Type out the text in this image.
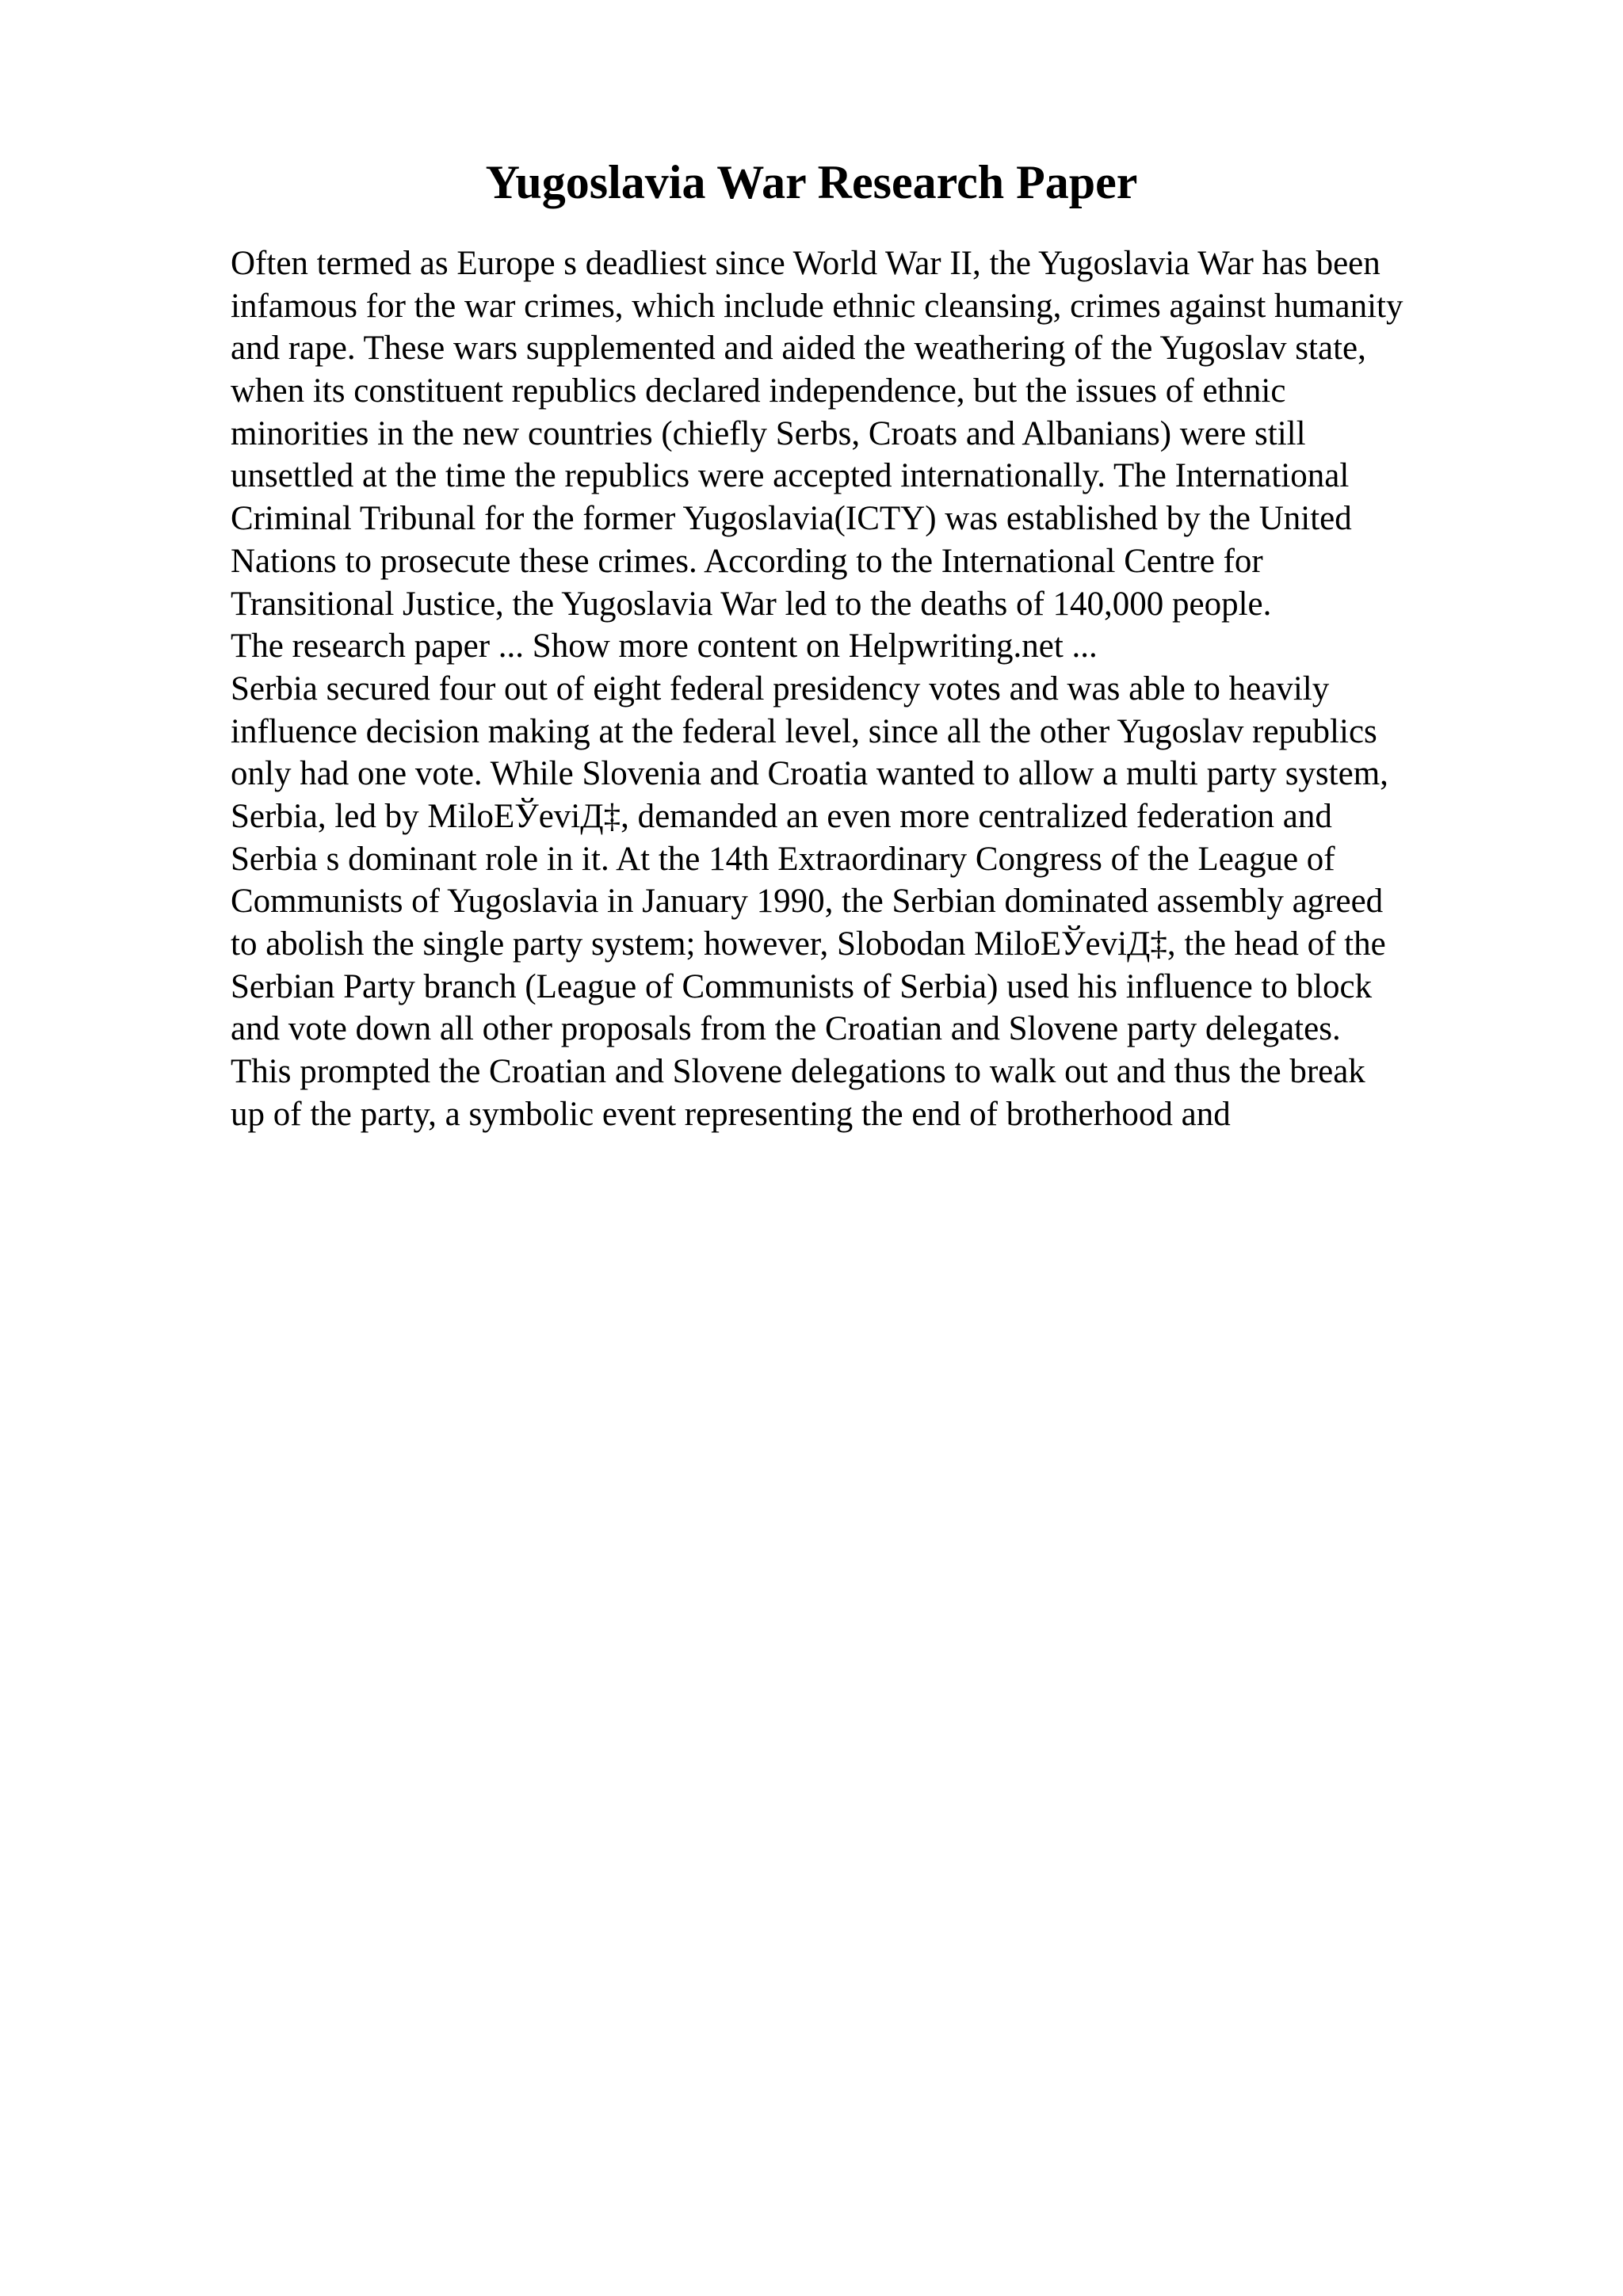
Yugoslavia War Research Paper
Often termed as Europe s deadliest since World War II, the Yugoslavia War has been
infamous for the war crimes, which include ethnic cleansing, crimes against humanity
and rape. These wars supplemented and aided the weathering of the Yugoslav state,
when its constituent republics declared independence, but the issues of ethnic
minorities in the new countries (chiefly Serbs, Croats and Albanians) were still
unsettled at the time the republics were accepted internationally. The International
Criminal Tribunal for the former Yugoslavia(ICTY) was established by the United
Nations to prosecute these crimes. According to the International Centre for
Transitional Justice, the Yugoslavia War led to the deaths of 140,000 people.
The research paper ... Show more content on Helpwriting.net ...
Serbia secured four out of eight federal presidency votes and was able to heavily
influence decision making at the federal level, since all the other Yugoslav republics
only had one vote. While Slovenia and Croatia wanted to allow a multi party system,
Serbia, led by MiloЕЎeviД‡, demanded an even more centralized federation and
Serbia s dominant role in it. At the 14th Extraordinary Congress of the League of
Communists of Yugoslavia in January 1990, the Serbian dominated assembly agreed
to abolish the single party system; however, Slobodan MiloЕЎeviД‡, the head of the
Serbian Party branch (League of Communists of Serbia) used his influence to block
and vote down all other proposals from the Croatian and Slovene party delegates.
This prompted the Croatian and Slovene delegations to walk out and thus the break
up of the party, a symbolic event representing the end of brotherhood and
